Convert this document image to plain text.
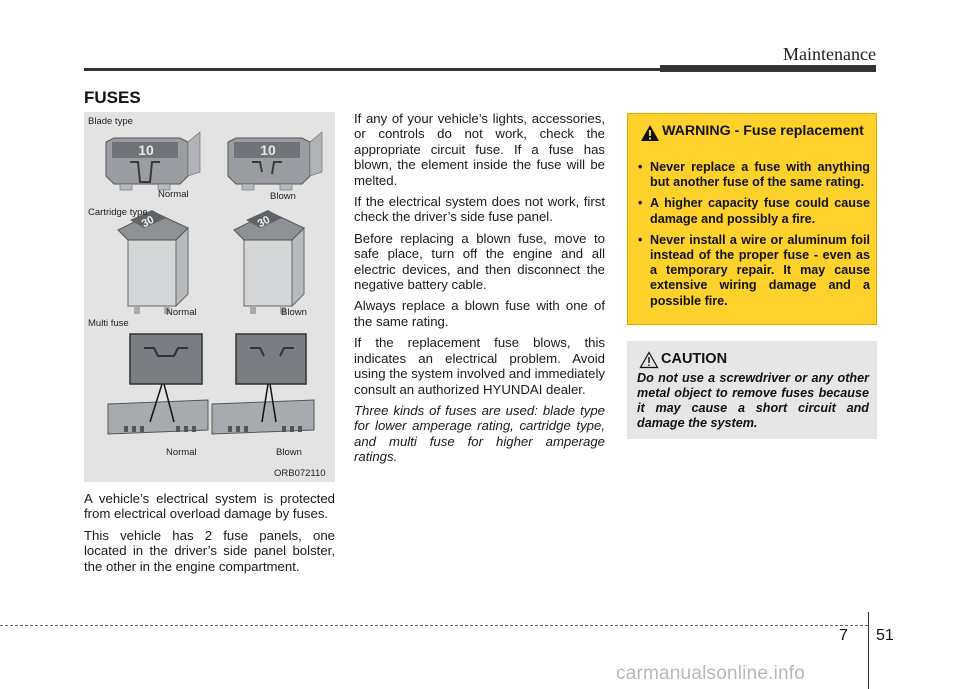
Maintenance
FUSES
10	10
30	30
Blade type
Normal	Blown
Cartridge type
Normal	Blown
Multi fuse
Normal	Blown
ORB072110

A vehicle’s electrical system is protected from electrical overload damage by fuses.

This vehicle has 2 fuse panels, one located in the driver’s side panel bolster, the other in the engine compartment.

If any of your vehicle’s lights, accessories, or controls do not work, check the appropriate circuit fuse. If a fuse has blown, the element inside the fuse will be melted.

If the electrical system does not work, first check the driver’s side fuse panel.

Before replacing a blown fuse, move to safe place, turn off the engine and all electric devices, and then disconnect the negative battery cable.

Always replace a blown fuse with one of the same rating.

If the replacement fuse blows, this indicates an electrical problem. Avoid using the system involved and immediately consult an authorized HYUNDAI dealer.

Three kinds of fuses are used: blade type for lower amperage rating, cartridge type, and multi fuse for higher amperage ratings.

WARNING - Fuse replacement
• Never replace a fuse with anything but another fuse of the same rating.
• A higher capacity fuse could cause damage and possibly a fire.
• Never install a wire or aluminum foil instead of the proper fuse - even as a temporary repair. It may cause extensive wiring damage and a possible fire.
CAUTION
Do not use a screwdriver or any other metal object to remove fuses because it may cause a short circuit and damage the system.
7 51
carmanualsonline.info
